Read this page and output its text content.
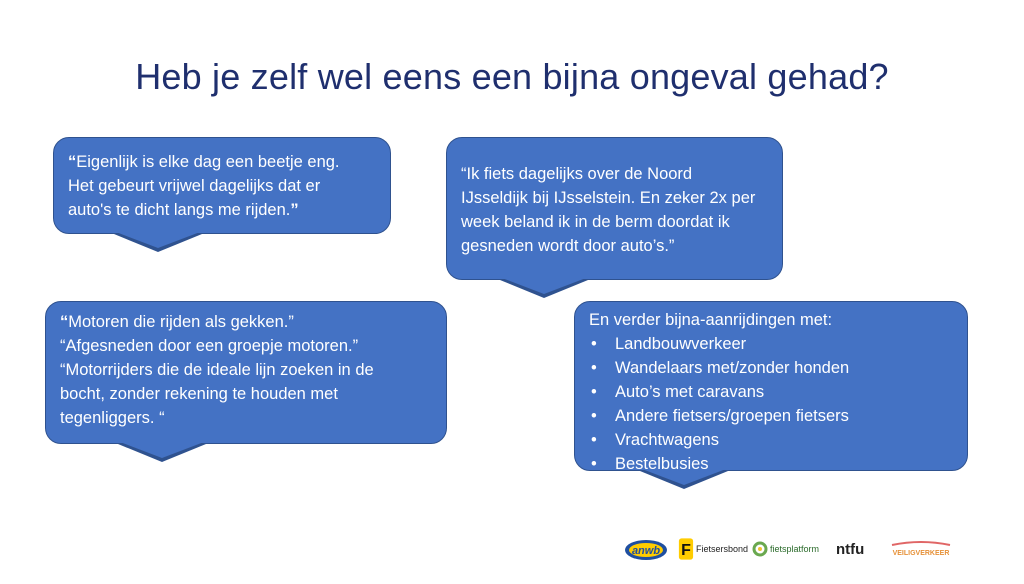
Heb je zelf wel eens een bijna ongeval gehad?
“Eigenlijk is elke dag een beetje eng.
Het gebeurt vrijwel dagelijks dat er
auto's te dicht langs me rijden.”
“Ik fiets dagelijks over de Noord
IJsseldijk bij IJsselstein. En zeker 2x per
week beland ik in de berm doordat ik
gesneden wordt door auto’s.”
“Motoren die rijden als gekken.”
“Afgesneden door een groepje motoren.”
“Motorrijders die de ideale lijn zoeken in de
bocht, zonder rekening te houden met
tegenliggers. “
En verder bijna-aanrijdingen met:
• Landbouwverkeer
• Wandelaars met/zonder honden
• Auto’s met caravans
• Andere fietsers/groepen fietsers
• Vrachtwagens
• Bestelbusjes
anwb F Fietsersbond fietsplatform ntfu	VEILIGVERKEER
